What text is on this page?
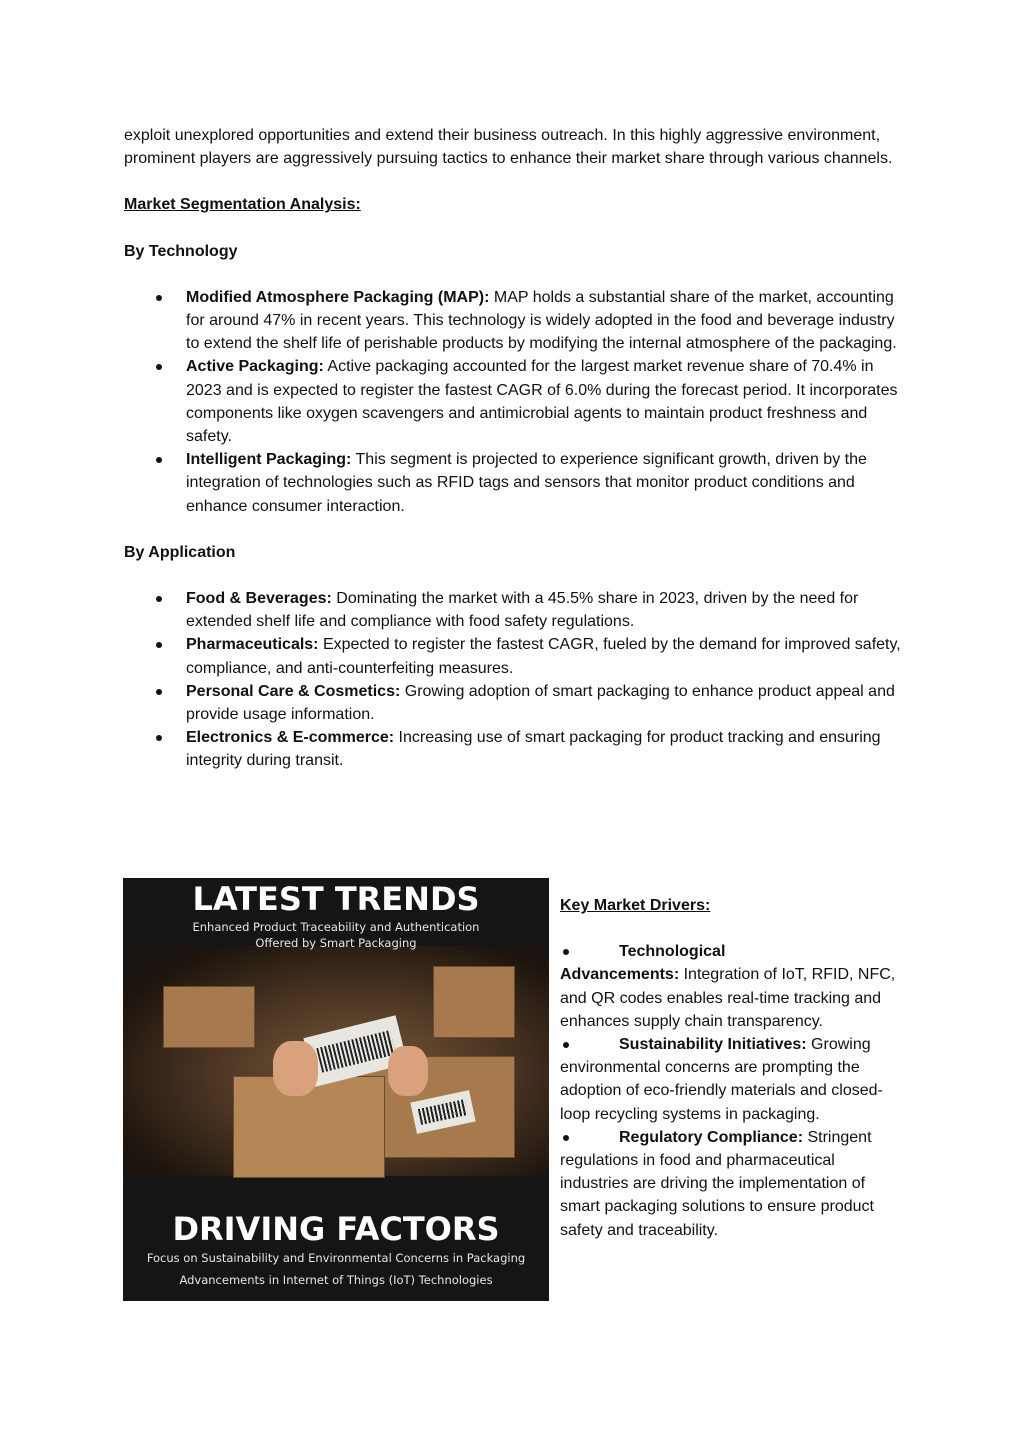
exploit unexplored opportunities and extend their business outreach. In this highly aggressive environment, prominent players are aggressively pursuing tactics to enhance their market share through various channels.

Market Segmentation Analysis:

By Technology

Modified Atmosphere Packaging (MAP): MAP holds a substantial share of the market, accounting for around 47% in recent years. This technology is widely adopted in the food and beverage industry to extend the shelf life of perishable products by modifying the internal atmosphere of the packaging.
Active Packaging: Active packaging accounted for the largest market revenue share of 70.4% in 2023 and is expected to register the fastest CAGR of 6.0% during the forecast period. It incorporates components like oxygen scavengers and antimicrobial agents to maintain product freshness and safety.
Intelligent Packaging: This segment is projected to experience significant growth, driven by the integration of technologies such as RFID tags and sensors that monitor product conditions and enhance consumer interaction.

By Application

Food & Beverages: Dominating the market with a 45.5% share in 2023, driven by the need for extended shelf life and compliance with food safety regulations.
Pharmaceuticals: Expected to register the fastest CAGR, fueled by the demand for improved safety, compliance, and anti-counterfeiting measures.
Personal Care & Cosmetics: Growing adoption of smart packaging to enhance product appeal and provide usage information.
Electronics & E-commerce: Increasing use of smart packaging for product tracking and ensuring integrity during transit.
LATEST TRENDS
Enhanced Product Traceability and Authentication
Offered by Smart Packaging
DRIVING FACTORS
Focus on Sustainability and Environmental Concerns in Packaging
Advancements in Internet of Things (IoT) Technologies

Key Market Drivers:

Technological
Advancements: Integration of IoT, RFID, NFC, and QR codes enables real-time tracking and enhances supply chain transparency.

Sustainability Initiatives: Growing environmental concerns are prompting the adoption of eco-friendly materials and closed-loop recycling systems in packaging.

Regulatory Compliance: Stringent regulations in food and pharmaceutical industries are driving the implementation of smart packaging solutions to ensure product safety and traceability.
